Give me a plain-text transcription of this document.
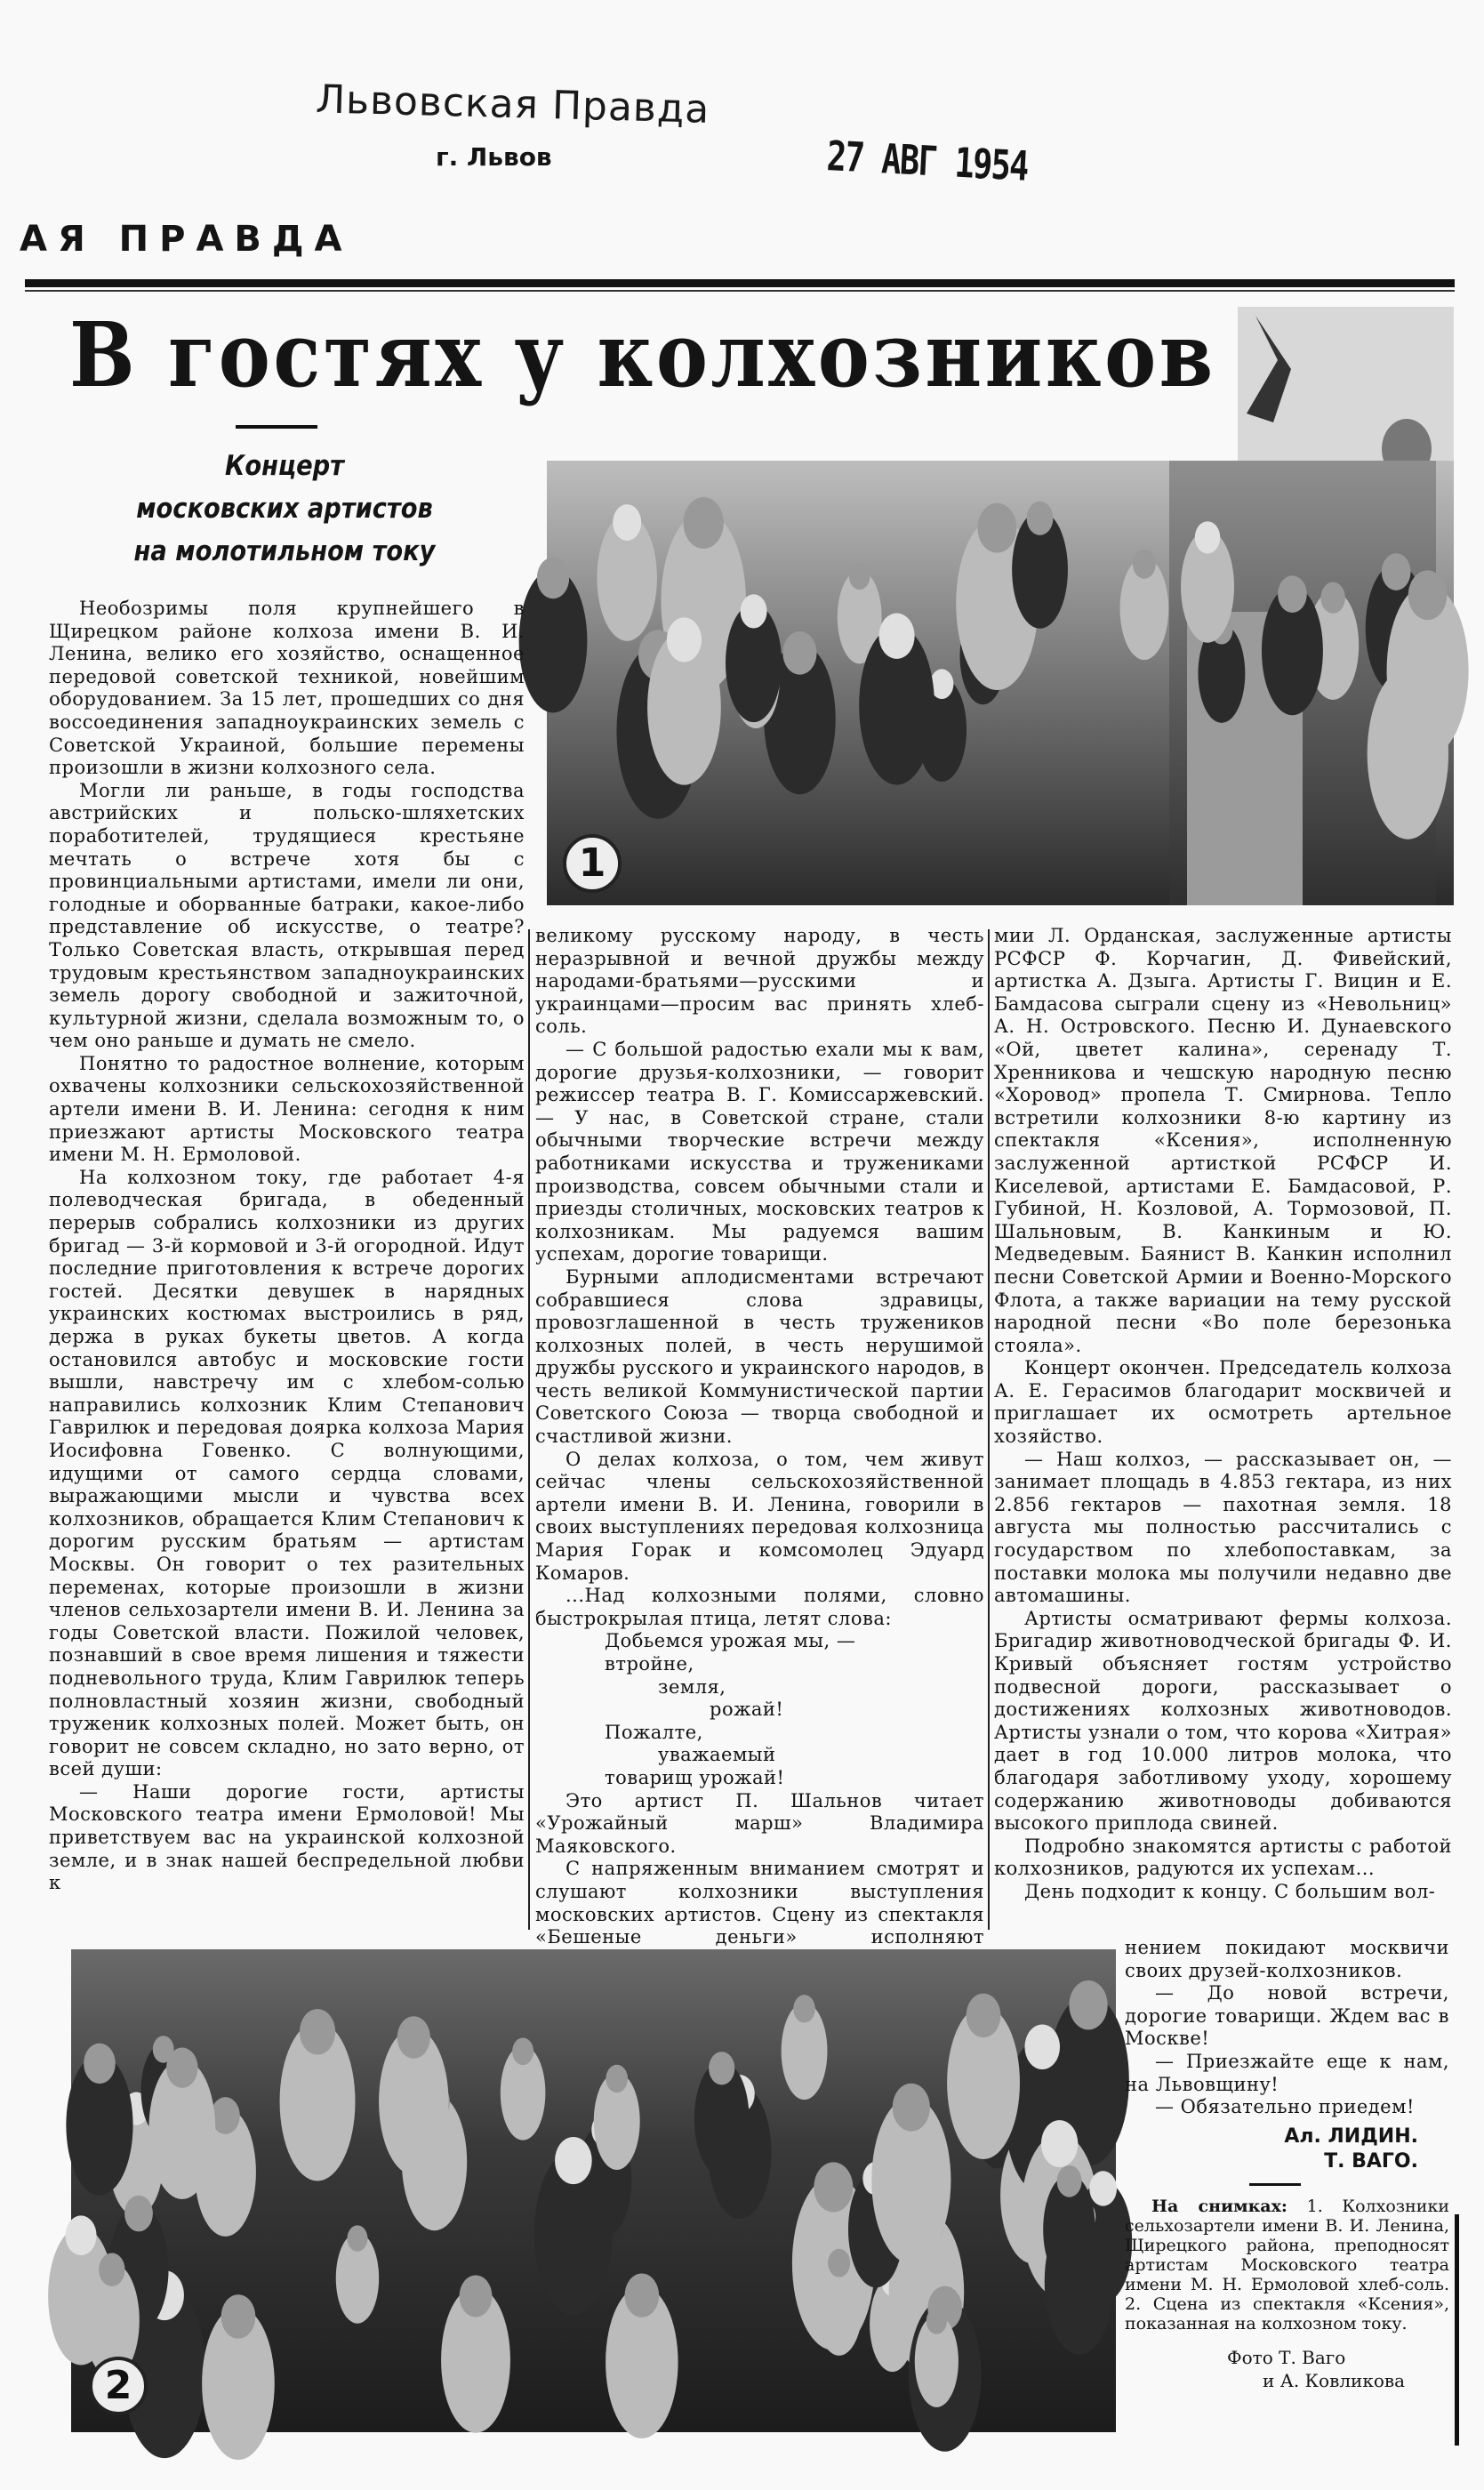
Львовская Правда
г. Львов	27 АВГ 1954
АЯ ПРАВДА
В гостях у колхозников
Концерт
московских артистов
на молотильном току
1

Необозримы поля крупнейшего в Щирецком районе колхоза имени В. И. Ленина, велико его хозяйство, оснащенное передовой советской техникой, новейшим оборудованием. За 15 лет, прошедших со дня воссоединения западноукраинских земель с Советской Украиной, большие перемены произошли в жизни колхозного села.

Могли ли раньше, в годы господства австрийских и польско-шляхетских поработителей, трудящиеся крестьяне мечтать о встрече хотя бы с провинциальными артистами, имели ли они, голодные и оборванные батраки, какое-либо представление об искусстве, о театре? Только Советская власть, открывшая перед трудовым крестьянством западноукраинских земель дорогу свободной и зажиточной, культурной жизни, сделала возможным то, о чем оно раньше и думать не смело.

Понятно то радостное волнение, которым охвачены колхозники сельскохозяйственной артели имени В. И. Ленина: сегодня к ним приезжают артисты Московского театра имени М. Н. Ермоловой.

На колхозном току, где работает 4-я полеводческая бригада, в обеденный перерыв собрались колхозники из других бригад — 3-й кормовой и 3-й огородной. Идут последние приготовления к встрече дорогих гостей. Десятки девушек в нарядных украинских костюмах выстроились в ряд, держа в руках букеты цветов. А когда остановился автобус и московские гости вышли, навстречу им с хлебом-солью направились колхозник Клим Степанович Гаврилюк и передовая доярка колхоза Мария Иосифовна Говенко. С волнующими, идущими от самого сердца словами, выражающими мысли и чувства всех колхозников, обращается Клим Степанович к дорогим русским братьям — артистам Москвы. Он говорит о тех разительных переменах, которые произошли в жизни членов сельхозартели имени В. И. Ленина за годы Советской власти. Пожилой человек, познавший в свое время лишения и тяжести подневольного труда, Клим Гаврилюк теперь полновластный хозяин жизни, свободный труженик колхозных полей. Может быть, он говорит не совсем складно, но зато верно, от всей души:

— Наши дорогие гости, артисты Московского театра имени Ермоловой! Мы приветствуем вас на украинской колхозной земле, и в знак нашей беспредельной любви к

великому русскому народу, в честь неразрывной и вечной дружбы между народами-братьями—русскими и украинцами—просим вас принять хлеб-соль.

— С большой радостью ехали мы к вам, дорогие друзья-колхозники, — говорит режиссер театра В. Г. Комиссаржевский. — У нас, в Советской стране, стали обычными творческие встречи между работниками искусства и тружениками производства, совсем обычными стали и приезды столичных, московских театров к колхозникам. Мы радуемся вашим успехам, дорогие товарищи.

Бурными аплодисментами встречают собравшиеся слова здравицы, провозглашенной в честь тружеников колхозных полей, в честь нерушимой дружбы русского и украинского народов, в честь великой Коммунистической партии Советского Союза — творца свободной и счастливой жизни.

О делах колхоза, о том, чем живут сейчас члены сельскохозяйственной артели имени В. И. Ленина, говорили в своих выступлениях передовая колхозница Мария Горак и комсомолец Эдуард Комаров.

...Над колхозными полями, словно быстрокрылая птица, летят слова:

Добьемся урожая мы, —
втройне,
земля,
рожай!
Пожалте,
уважаемый
товарищ урожай!

Это артист П. Шальнов читает «Урожайный марш» Владимира Маяковского.

С напряженным вниманием смотрят и слушают колхозники выступления московских артистов. Сцену из спектакля «Бешеные деньги» исполняют

мии Л. Орданская, заслуженные артисты РСФСР Ф. Корчагин, Д. Фивейский, артистка А. Дзыга. Артисты Г. Вицин и Е. Бамдасова сыграли сцену из «Невольниц» А. Н. Островского. Песню И. Дунаевского «Ой, цветет калина», серенаду Т. Хренникова и чешскую народную песню «Хоровод» пропела Т. Смирнова. Тепло встретили колхозники 8-ю картину из спектакля «Ксения», исполненную заслуженной артисткой РСФСР И. Киселевой, артистами Е. Бамдасовой, Р. Губиной, Н. Козловой, А. Тормозовой, П. Шальновым, В. Канкиным и Ю. Медведевым. Баянист В. Канкин исполнил песни Советской Армии и Военно-Морского Флота, а также вариации на тему русской народной песни «Во поле березонька стояла».

Концерт окончен. Председатель колхоза А. Е. Герасимов благодарит москвичей и приглашает их осмотреть артельное хозяйство.

— Наш колхоз, — рассказывает он, — занимает площадь в 4.853 гектара, из них 2.856 гектаров — пахотная земля. 18 августа мы полностью рассчитались с государством по хлебопоставкам, за поставки молока мы получили недавно две автомашины.

Артисты осматривают фермы колхоза. Бригадир животноводческой бригады Ф. И. Кривый объясняет гостям устройство подвесной дороги, рассказывает о достижениях колхозных животноводов. Артисты узнали о том, что корова «Хитрая» дает в год 10.000 литров молока, что благодаря заботливому уходу, хорошему содержанию животноводы добиваются высокого приплода свиней.

Подробно знакомятся артисты с работой колхозников, радуются их успехам...

День подходит к концу. С большим вол-

2

нением покидают москвичи своих друзей-колхозников.

— До новой встречи, дорогие товарищи. Ждем вас в Москве!

— Приезжайте еще к нам, на Львовщину!

— Обязательно приедем!

Ал. ЛИДИН.
Т. ВАГО.

На снимках: 1. Колхозники сельхозартели имени В. И. Ленина, Щирецкого района, преподносят артистам Московского театра имени М. Н. Ермоловой хлеб-соль. 2. Сцена из спектакля «Ксения», показанная на колхозном току.

Фото Т. Ваго
и А. Ковликова
